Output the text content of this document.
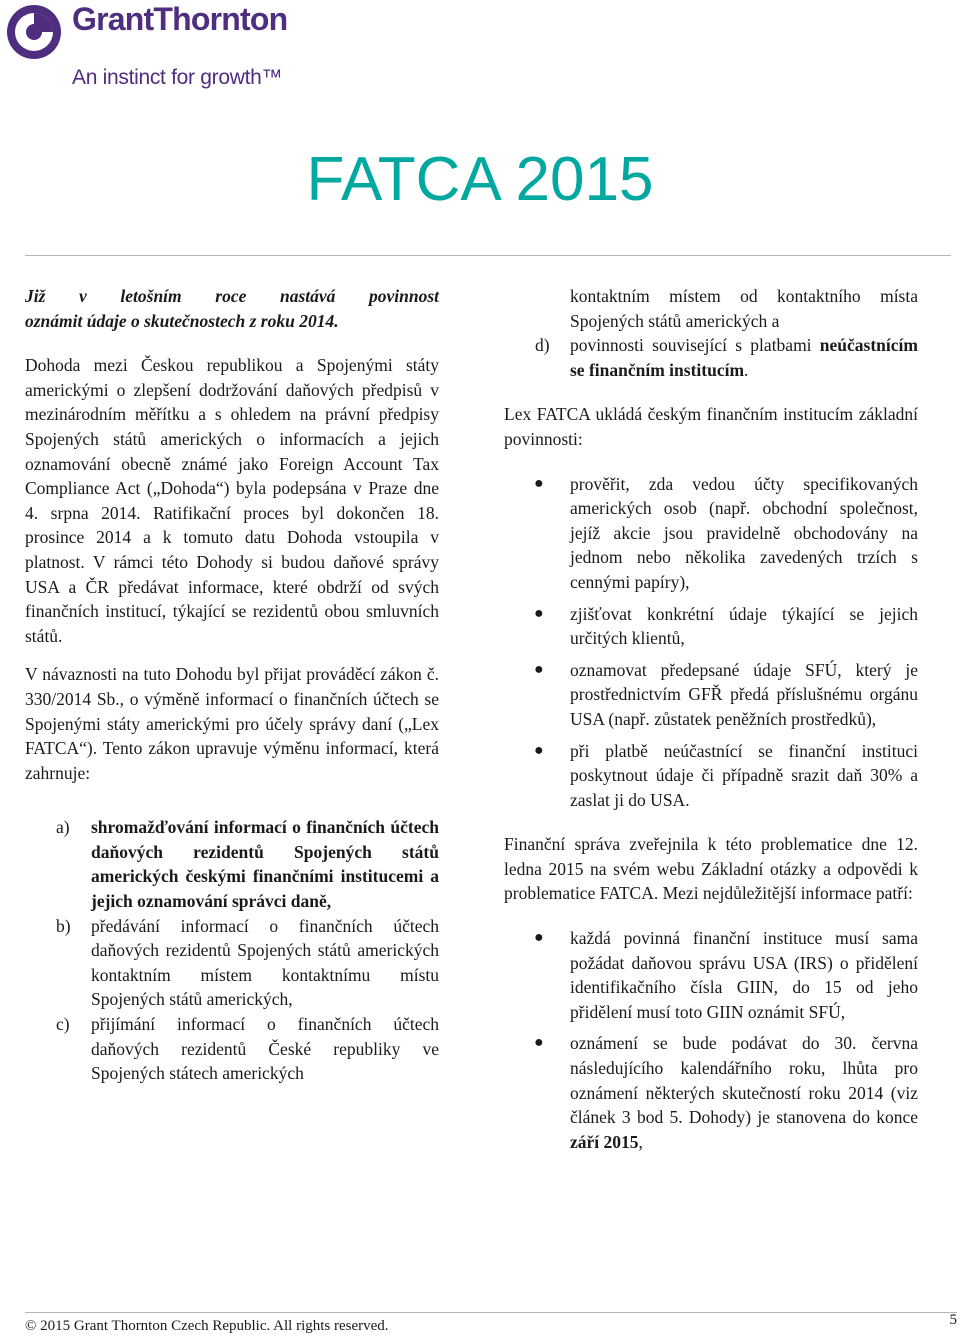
GrantThornton
An instinct for growth™
FATCA 2015

Již v letošním roce nastává povinnost
oznámit údaje o skutečnostech z roku 2014.

Dohoda mezi Českou republikou a Spojenými státy americkými o zlepšení dodržování daňových předpisů v mezinárodním měřítku a s ohledem na právní předpisy Spojených států amerických o informacích a jejich oznamování obecně známé jako Foreign Account Tax Compliance Act („Dohoda“) byla podepsána v Praze dne 4. srpna 2014. Ratifikační proces byl dokončen 18. prosince 2014 a k tomuto datu Dohoda vstoupila v platnost. V rámci této Dohody si budou daňové správy USA a ČR předávat informace, které obdrží od svých finančních institucí, týkající se rezidentů obou smluvních států.

V návaznosti na tuto Dohodu byl přijat prováděcí zákon č. 330/2014 Sb., o výměně informací o finančních účtech se Spojenými státy americkými pro účely správy daní („Lex FATCA“). Tento zákon upravuje výměnu informací, která zahrnuje:

a) shromažďování informací o finančních účtech daňových rezidentů Spojených států amerických českými finančními institucemi a jejich oznamování správci daně,
b) předávání informací o finančních účtech daňových rezidentů Spojených států amerických kontaktním místem kontaktnímu místu Spojených států amerických,
c) přijímání informací o finančních účtech daňových rezidentů České republiky ve Spojených státech amerických

kontaktním místem od kontaktního místa Spojených států amerických a

d) povinnosti související s platbami neúčastnícím se finančním institucím.

Lex FATCA ukládá českým finančním institucím základní povinnosti:

● prověřit, zda vedou účty specifikovaných amerických osob (např. obchodní společnost, jejíž akcie jsou pravidelně obchodovány na jednom nebo několika zavedených trzích s cennými papíry),
● zjišťovat konkrétní údaje týkající se jejich určitých klientů,
● oznamovat předepsané údaje SFÚ, který je prostřednictvím GFŘ předá příslušnému orgánu USA (např. zůstatek peněžních prostředků),
● při platbě neúčastnící se finanční instituci poskytnout údaje či případně srazit daň 30% a zaslat ji do USA.

Finanční správa zveřejnila k této problematice dne 12. ledna 2015 na svém webu Základní otázky a odpovědi k problematice FATCA. Mezi nejdůležitější informace patří:

● každá povinná finanční instituce musí sama požádat daňovou správu USA (IRS) o přidělení identifikačního čísla GIIN, do 15 od jeho přidělení musí toto GIIN oznámit SFÚ,
● oznámení se bude podávat do 30. června následujícího kalendářního roku, lhůta pro oznámení některých skutečností roku 2014 (viz článek 3 bod 5. Dohody) je stanovena do konce září 2015,
© 2015 Grant Thornton Czech Republic. All rights reserved.	5
